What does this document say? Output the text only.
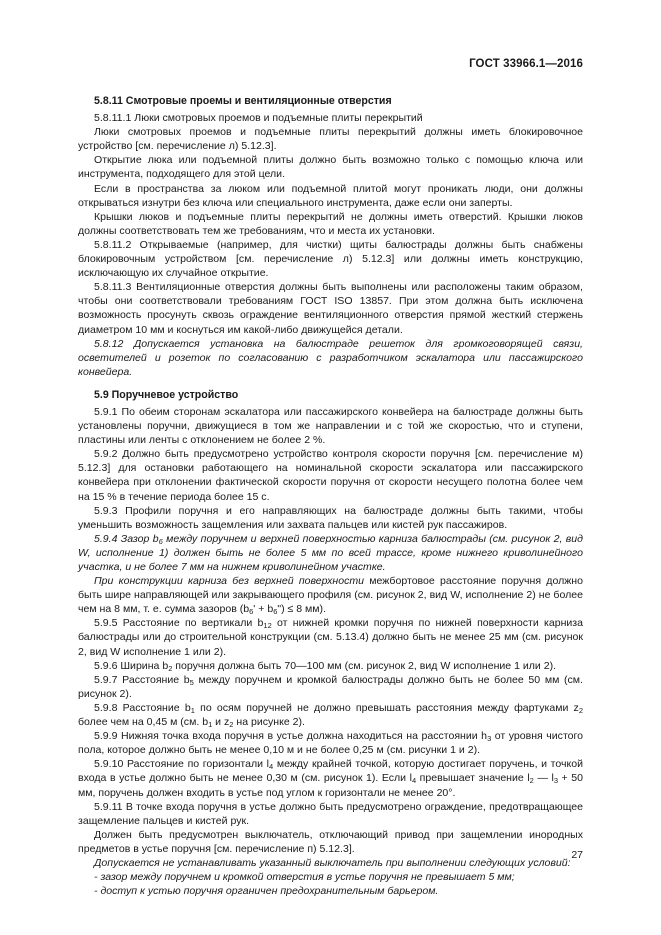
ГОСТ 33966.1—2016
5.8.11 Смотровые проемы и вентиляционные отверстия

5.8.11.1 Люки смотровых проемов и подъемные плиты перекрытий

Люки смотровых проемов и подъемные плиты перекрытий должны иметь блокировочное устройство [см. перечисление л) 5.12.3].

Открытие люка или подъемной плиты должно быть возможно только с помощью ключа или инструмента, подходящего для этой цели.

Если в пространства за люком или подъемной плитой могут проникать люди, они должны открываться изнутри без ключа или специального инструмента, даже если они заперты.

Крышки люков и подъемные плиты перекрытий не должны иметь отверстий. Крышки люков должны соответствовать тем же требованиям, что и места их установки.

5.8.11.2 Открываемые (например, для чистки) щиты балюстрады должны быть снабжены блокировочным устройством [см. перечисление л) 5.12.3] или должны иметь конструкцию, исключающую их случайное открытие.

5.8.11.3 Вентиляционные отверстия должны быть выполнены или расположены таким образом, чтобы они соответствовали требованиям ГОСТ ISO 13857. При этом должна быть исключена возможность просунуть сквозь ограждение вентиляционного отверстия прямой жесткий стержень диаметром 10 мм и коснуться им какой-либо движущейся детали.

5.8.12 Допускается установка на балюстраде решеток для громкоговорящей связи, осветителей и розеток по согласованию с разработчиком эскалатора или пассажирского конвейера.

5.9 Поручневое устройство

5.9.1 По обеим сторонам эскалатора или пассажирского конвейера на балюстраде должны быть установлены поручни, движущиеся в том же направлении и с той же скоростью, что и ступени, пластины или ленты с отклонением не более 2 %.

5.9.2 Должно быть предусмотрено устройство контроля скорости поручня [см. перечисление м) 5.12.3] для остановки работающего на номинальной скорости эскалатора или пассажирского конвейера при отклонении фактической скорости поручня от скорости несущего полотна более чем на 15 % в течение периода более 15 с.

5.9.3 Профили поручня и его направляющих на балюстраде должны быть такими, чтобы уменьшить возможность защемления или захвата пальцев или кистей рук пассажиров.

5.9.4 Зазор $b_6$ между поручнем и верхней поверхностью карниза балюстрады (см. рисунок 2, вид W, исполнение 1) должен быть не более 5 мм по всей трассе, кроме нижнего криволинейного участка, и не более 7 мм на нижнем криволинейном участке.

При конструкции карниза без верхней поверхности межбортовое расстояние поручня должно быть шире направляющей или закрывающего профиля (см. рисунок 2, вид W, исполнение 2) не более чем на 8 мм, т. е. сумма зазоров ($b_6'$ + $b_6") \le 8$ мм).

5.9.5 Расстояние по вертикали $b_{12}$ от нижней кромки поручня по нижней поверхности карниза балюстрады или до строительной конструкции (см. 5.13.4) должно быть не менее 25 мм (см. рисунок 2, вид W исполнение 1 или 2).

5.9.6 Ширина $b_2$ поручня должна быть 70—100 мм (см. рисунок 2, вид W исполнение 1 или 2).

5.9.7 Расстояние $b_5$ между поручнем и кромкой балюстрады должно быть не более 50 мм (см. рисунок 2).

5.9.8 Расстояние $b_1$ по осям поручней не должно превышать расстояния между фартуками $z_2$ более чем на 0,45 м (см. $b_1$ и $z_2$ на рисунке 2).

5.9.9 Нижняя точка входа поручня в устье должна находиться на расстоянии $h_3$ от уровня чистого пола, которое должно быть не менее 0,10 м и не более 0,25 м (см. рисунки 1 и 2).

5.9.10 Расстояние по горизонтали $l_4$ между крайней точкой, которую достигает поручень, и точкой входа в устье должно быть не менее 0,30 м (см. рисунок 1). Если $l_4$ превышает значение $l_2$ — $l_3 + 50$ мм, поручень должен входить в устье под углом к горизонтали не менее 20°.

5.9.11 В точке входа поручня в устье должно быть предусмотрено ограждение, предотвращающее защемление пальцев и кистей рук.

Должен быть предусмотрен выключатель, отключающий привод при защемлении инородных предметов в устье поручня [см. перечисление п) 5.12.3].

Допускается не устанавливать указанный выключатель при выполнении следующих условий:

- зазор между поручнем и кромкой отверстия в устье поручня не превышает 5 мм;

- доступ к устью поручня органичен предохранительным барьером.

27
